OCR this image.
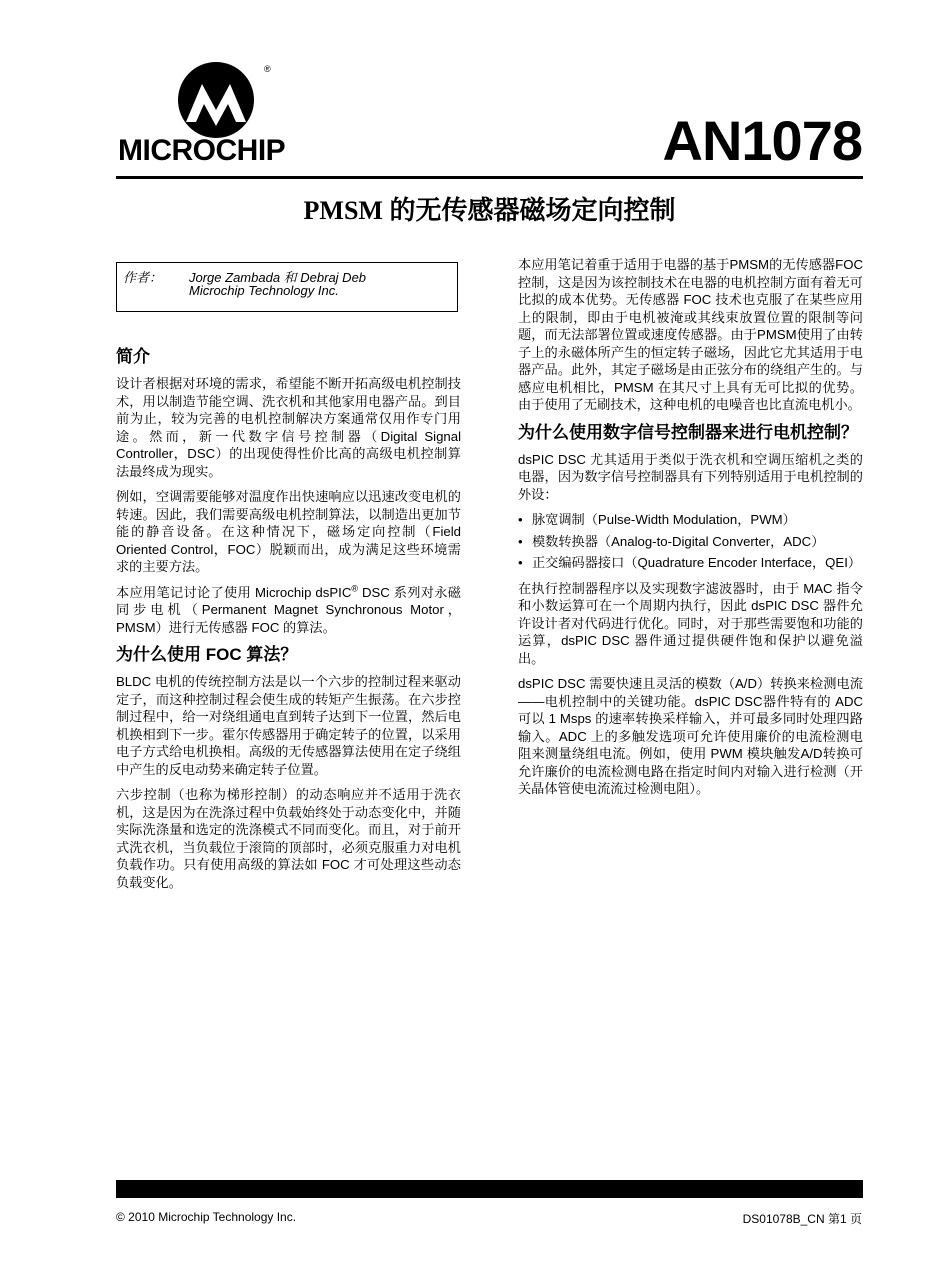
®
MICROCHIP	AN1078
PMSM 的无传感器磁场定向控制
作者： Jorge Zambada 和 Debraj Deb
Microchip Technology Inc.
简介

设计者根据对环境的需求，希望能不断开拓高级电机控制技术，用以制造节能空调、洗衣机和其他家用电器产品。到目前为止，较为完善的电机控制解决方案通常仅用作专门用途。然而，新一代数字信号控制器（Digital Signal Controller，DSC）的出现使得性价比高的高级电机控制算法最终成为现实。

例如，空调需要能够对温度作出快速响应以迅速改变电机的转速。因此，我们需要高级电机控制算法，以制造出更加节能的静音设备。在这种情况下，磁场定向控制（Field Oriented Control，FOC）脱颖而出，成为满足这些环境需求的主要方法。

本应用笔记讨论了使用 Microchip dsPIC® DSC 系列对永磁同步电机（Permanent Magnet Synchronous Motor，PMSM）进行无传感器 FOC 的算法。

为什么使用 FOC 算法？

BLDC 电机的传统控制方法是以一个六步的控制过程来驱动定子，而这种控制过程会使生成的转矩产生振荡。在六步控制过程中，给一对绕组通电直到转子达到下一位置，然后电机换相到下一步。霍尔传感器用于确定转子的位置，以采用电子方式给电机换相。高级的无传感器算法使用在定子绕组中产生的反电动势来确定转子位置。

六步控制（也称为梯形控制）的动态响应并不适用于洗衣机，这是因为在洗涤过程中负载始终处于动态变化中，并随实际洗涤量和选定的洗涤模式不同而变化。而且，对于前开式洗衣机，当负载位于滚筒的顶部时，必须克服重力对电机负载作功。只有使用高级的算法如 FOC 才可处理这些动态负载变化。

本应用笔记着重于适用于电器的基于PMSM的无传感器FOC控制，这是因为该控制技术在电器的电机控制方面有着无可比拟的成本优势。无传感器 FOC 技术也克服了在某些应用上的限制，即由于电机被淹或其线束放置位置的限制等问题，而无法部署位置或速度传感器。由于PMSM使用了由转子上的永磁体所产生的恒定转子磁场，因此它尤其适用于电器产品。此外，其定子磁场是由正弦分布的绕组产生的。与感应电机相比，PMSM 在其尺寸上具有无可比拟的优势。由于使用了无刷技术，这种电机的电噪音也比直流电机小。

为什么使用数字信号控制器来进行电机控制？

dsPIC DSC 尤其适用于类似于洗衣机和空调压缩机之类的电器，因为数字信号控制器具有下列特别适用于电机控制的外设：

• 脉宽调制（Pulse-Width Modulation，PWM）
• 模数转换器（Analog-to-Digital Converter，ADC）
• 正交编码器接口（Quadrature Encoder Interface，QEI）

在执行控制器程序以及实现数字滤波器时，由于 MAC 指令和小数运算可在一个周期内执行，因此 dsPIC DSC 器件允许设计者对代码进行优化。同时，对于那些需要饱和功能的运算，dsPIC DSC 器件通过提供硬件饱和保护以避免溢出。

dsPIC DSC 需要快速且灵活的模数（A/D）转换来检测电流——电机控制中的关键功能。dsPIC DSC器件特有的 ADC 可以 1 Msps 的速率转换采样输入，并可最多同时处理四路输入。ADC 上的多触发选项可允许使用廉价的电流检测电阻来测量绕组电流。例如，使用 PWM 模块触发A/D转换可允许廉价的电流检测电路在指定时间内对输入进行检测（开关晶体管使电流流过检测电阻）。

© 2010 Microchip Technology Inc.	DS01078B_CN 第1 页
